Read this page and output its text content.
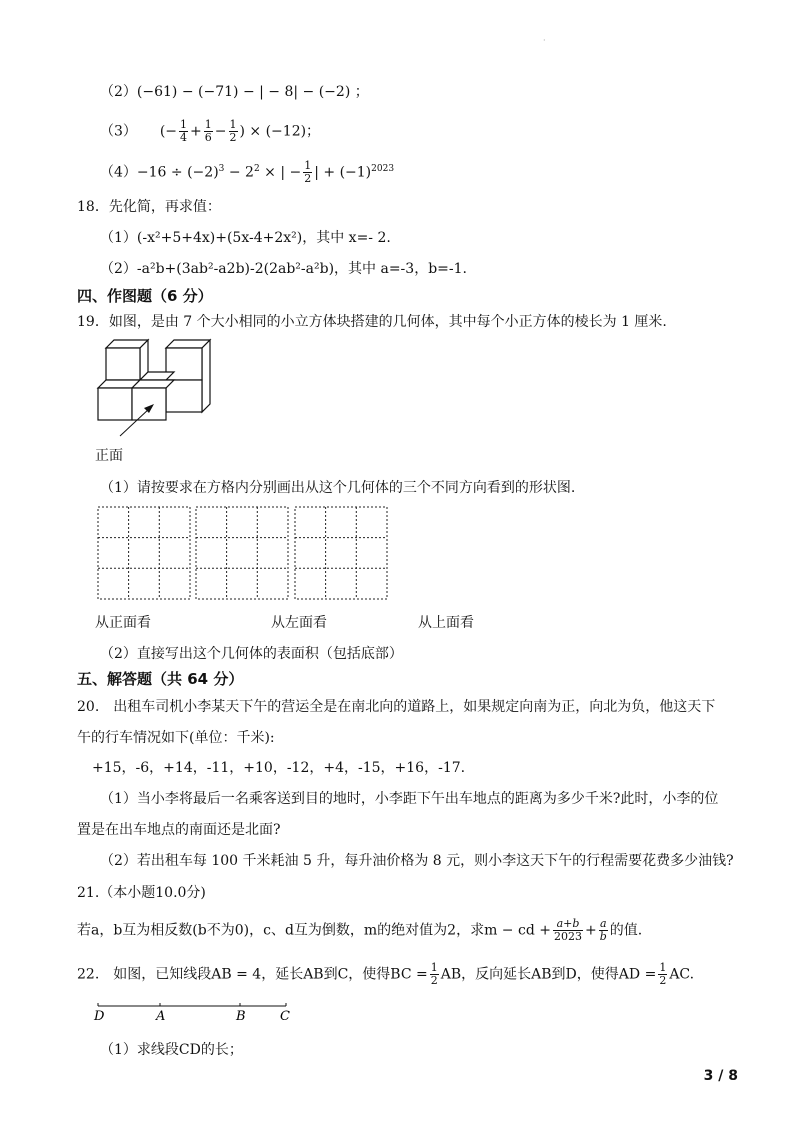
·
（2）(−61) − (−71) − | − 8| − (−2) ；
（3） (− $\frac{1}{4} + \frac{1}{6} - \frac{1}{2}$ ) × (−12)；
$(4)-16 \div (-2)^3 - 2^2$ × | − $\frac{1}{2}$ | + $(-1)^{2023}$
18．先化简，再求值：
（1）(-x²+5+4x)+(5x-4+2x²)，其中 x=- 2.
（2）-a²b+(3ab²-a2b)-2(2ab²-a²b)，其中 a=-3，b=-1.
四、作图题（6 分）
19．如图，是由 7 个大小相同的小立方体块搭建的几何体，其中每个小正方体的棱长为 1 厘米.
正面
（1）请按要求在方格内分别画出从这个几何体的三个不同方向看到的形状图.
从正面看	从左面看	从上面看
（2）直接写出这个几何体的表面积（包括底部）
五、解答题（共 64 分）
20.　出租车司机小李某天下午的营运全是在南北向的道路上，如果规定向南为正，向北为负，他这天下
午的行车情况如下(单位：千米):
+15，-6，+14，-11，+10，-12，+4，-15，+16，-17.
（1）当小李将最后一名乘客送到目的地时，小李距下午出车地点的距离为多少千米?此时，小李的位
置是在出车地点的南面还是北面?
（2）若出租车每 100 千米耗油 5 升，每升油价格为 8 元，则小李这天下午的行程需要花费多少油钱?
21.（本小题10.0分)
若a，b互为相反数(b不为0)，c、d互为倒数，m的绝对值为2，求m − cd + $\frac{a+b}{2023} + \frac{a}{b}$ 的值.
22.　如图，已知线段AB = 4，延长AB到C，使得BC = $\frac{1}{2}$ AB，反向延长AB到D，使得AD = $\frac{1}{2}$ AC.
D	A	B	C
（1）求线段CD的长；
3 / 8
